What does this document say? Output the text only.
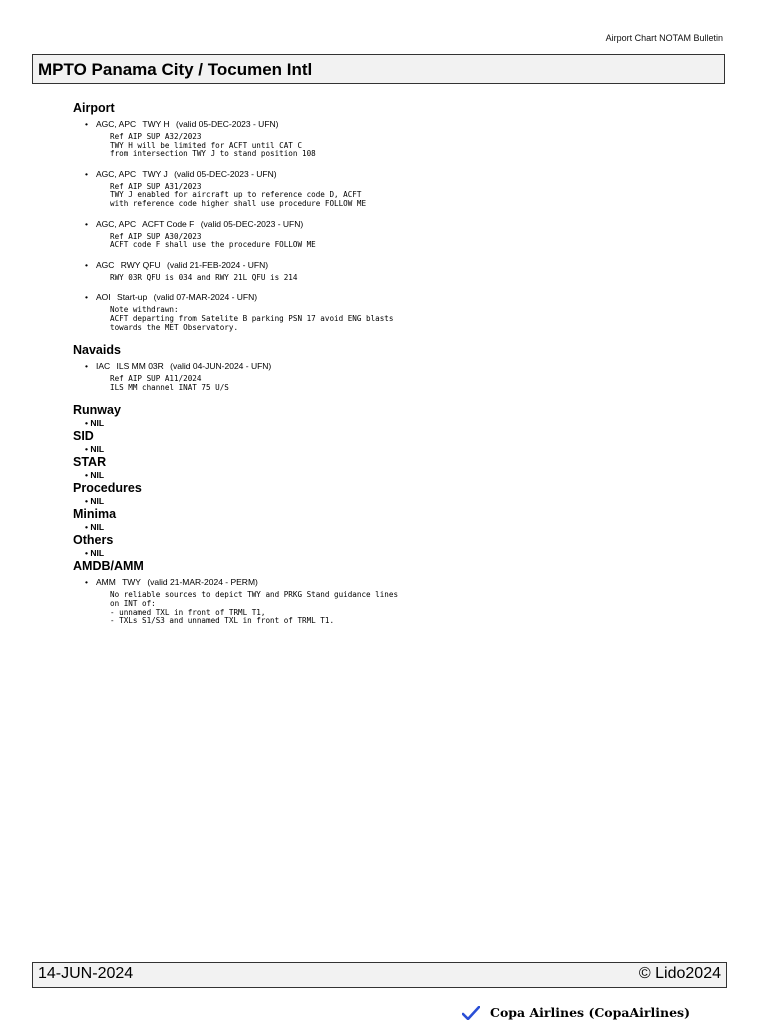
Airport Chart NOTAM Bulletin
MPTO Panama City / Tocumen Intl
Airport
• AGC, APC TWY H (valid 05-DEC-2023 - UFN)
Ref AIP SUP A32/2023
TWY H will be limited for ACFT until CAT C
from intersection TWY J to stand position 108
• AGC, APC TWY J (valid 05-DEC-2023 - UFN)
Ref AIP SUP A31/2023
TWY J enabled for aircraft up to reference code D, ACFT
with reference code higher shall use procedure FOLLOW ME
• AGC, APC ACFT Code F (valid 05-DEC-2023 - UFN)
Ref AIP SUP A30/2023
ACFT code F shall use the procedure FOLLOW ME
• AGC RWY QFU (valid 21-FEB-2024 - UFN)
RWY 03R QFU is 034 and RWY 21L QFU is 214
• AOI Start-up (valid 07-MAR-2024 - UFN)
Note withdrawn:
ACFT departing from Satelite B parking PSN 17 avoid ENG blasts
towards the MET Observatory.
Navaids
• IAC ILS MM 03R (valid 04-JUN-2024 - UFN)
Ref AIP SUP A11/2024
ILS MM channel INAT 75 U/S
Runway
• NIL
SID
• NIL
STAR
• NIL
Procedures
• NIL
Minima
• NIL
Others
• NIL
AMDB/AMM
• AMM TWY (valid 21-MAR-2024 - PERM)
No reliable sources to depict TWY and PRKG Stand guidance lines
on INT of:
- unnamed TXL in front of TRML T1,
- TXLs S1/S3 and unnamed TXL in front of TRML T1.
14-JUN-2024	© Lido2024
Copa Airlines (CopaAirlines)
